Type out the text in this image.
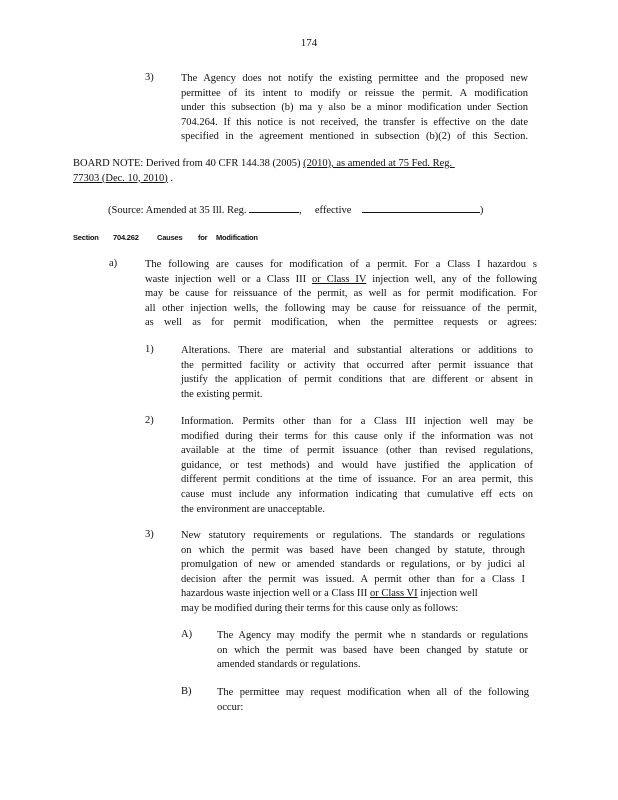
174
3)	The Agency does not notify the existing permittee and the proposed new
permittee of its intent to modify or reissue the permit. A modification
under this subsection (b) ma y also be a minor modification under Section
704.264. If this notice is not received, the transfer is effective on the date
specified in the agreement mentioned in subsection (b)(2) of this Section.
BOARD NOTE: Derived from 40 CFR 144.38 (2005) (2010), as amended at 75 Fed. Reg.
77303 (Dec. 10, 2010) .
(Source: Amended at 35 Ill. Reg.	, effective	)
Section 704.262 Causes for Modification
a)	The following are causes for modification of a permit. For a Class I hazardou s
waste injection well or a Class III or Class IV injection well, any of the following
may be cause for reissuance of the permit, as well as for permit modification. For
all other injection wells, the following may be cause for reissuance of the permit,
as well as for permit modification, when the permittee requests or agrees:
1)	Alterations. There are material and substantial alterations or additions to
the permitted facility or activity that occurred after permit issuance that
justify the application of permit conditions that are different or absent in
the existing permit.
2)	Information. Permits other than for a Class III injection well may be
modified during their terms for this cause only if the information was not
available at the time of permit issuance (other than revised regulations,
guidance, or test methods) and would have justified the application of
different permit conditions at the time of issuance. For an area permit, this
cause must include any information indicating that cumulative eff ects on
the environment are unacceptable.
3)	New statutory requirements or regulations. The standards or regulations
on which the permit was based have been changed by statute, through
promulgation of new or amended standards or regulations, or by judici al
decision after the permit was issued. A permit other than for a Class I
hazardous waste injection well or a Class III or Class VI injection well
may be modified during their terms for this cause only as follows:
A) The Agency may modify the permit whe n standards or regulations
on which the permit was based have been changed by statute or
amended standards or regulations.
B) The permittee may request modification when all of the following
occur:
